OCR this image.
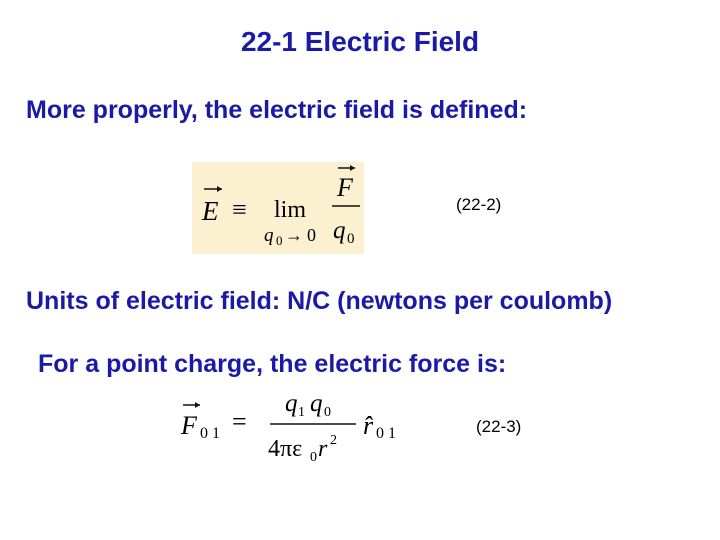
22-1 Electric Field
More properly, the electric field is defined:
E ≡ lim
q 0 → 0
F
q 0
(22-2)
Units of electric field: N/C (newtons per coulomb)
For a point charge, the electric force is:
F 0 1 =
q 1 q 0
4πε 0 r 2
r̂ 0 1	(22-3)
